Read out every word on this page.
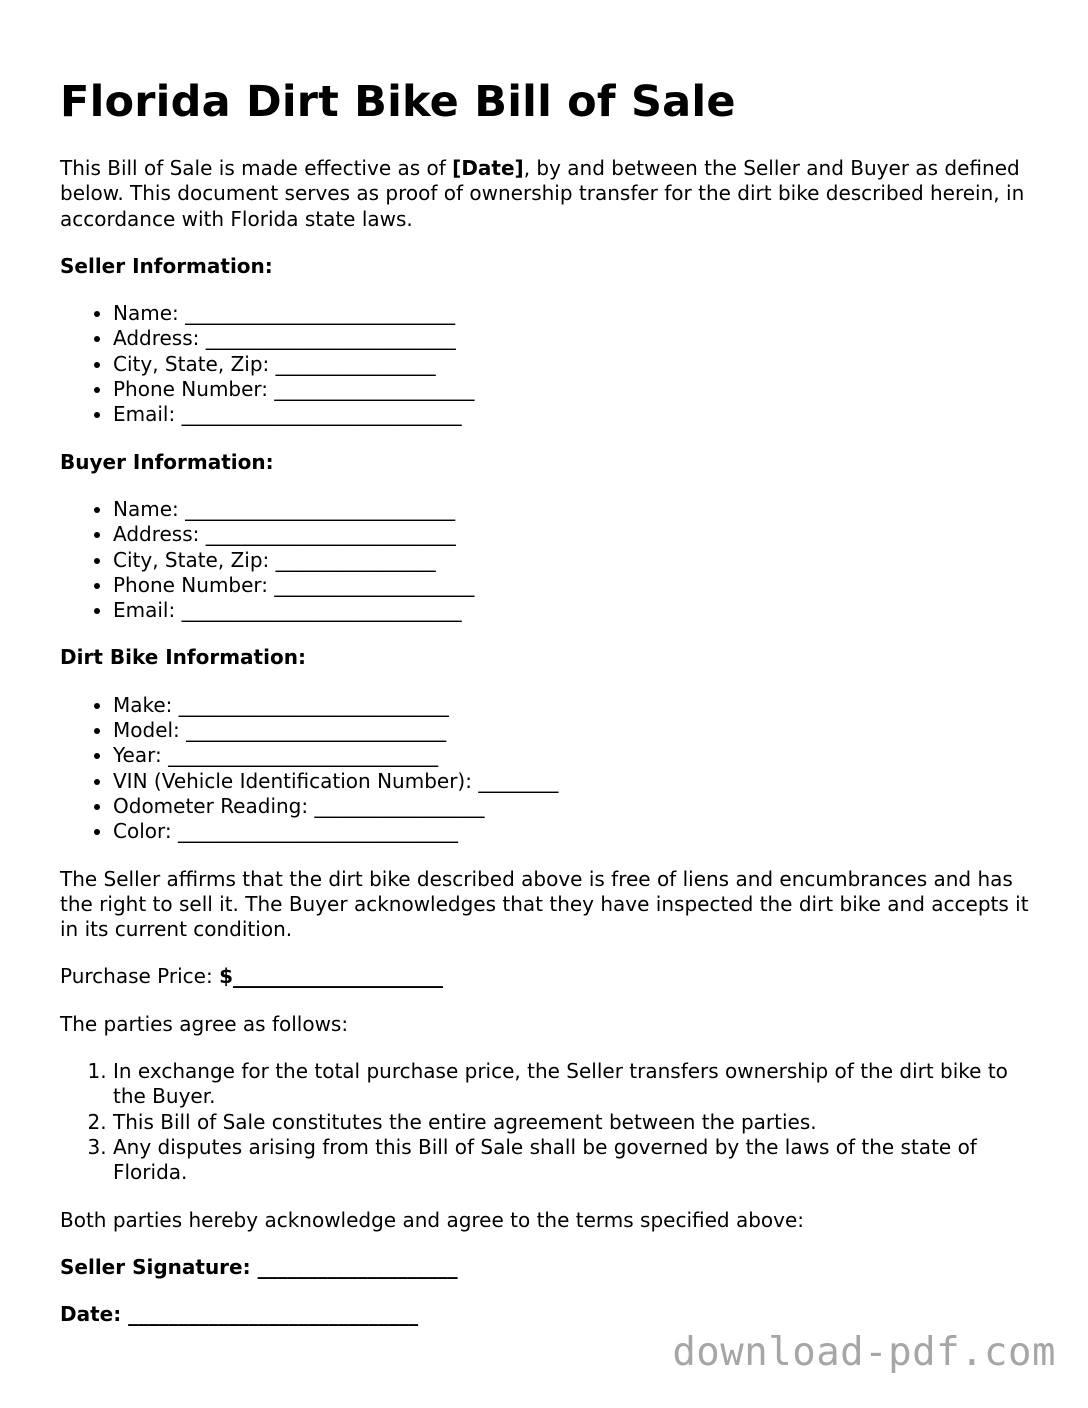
Florida Dirt Bike Bill of Sale

This Bill of Sale is made effective as of [Date], by and between the Seller and Buyer as defined below. This document serves as proof of ownership transfer for the dirt bike described herein, in accordance with Florida state laws.

Seller Information:

• Name: ___________________________
• Address: _________________________
• City, State, Zip: ________________
• Phone Number: ____________________
• Email: ____________________________

Buyer Information:

• Name: ___________________________
• Address: _________________________
• City, State, Zip: ________________
• Phone Number: ____________________
• Email: ____________________________

Dirt Bike Information:

• Make: ___________________________
• Model: __________________________
• Year: ___________________________
• VIN (Vehicle Identification Number): ________
• Odometer Reading: _________________
• Color: ____________________________

The Seller affirms that the dirt bike described above is free of liens and encumbrances and has the right to sell it. The Buyer acknowledges that they have inspected the dirt bike and accepts it in its current condition.

Purchase Price: $_____________________

The parties agree as follows:

1. In exchange for the total purchase price, the Seller transfers ownership of the dirt bike to the Buyer.
2. This Bill of Sale constitutes the entire agreement between the parties.
3. Any disputes arising from this Bill of Sale shall be governed by the laws of the state of Florida.

Both parties hereby acknowledge and agree to the terms specified above:

Seller Signature: ____________________

Date: _____________________________

download-pdf.com
